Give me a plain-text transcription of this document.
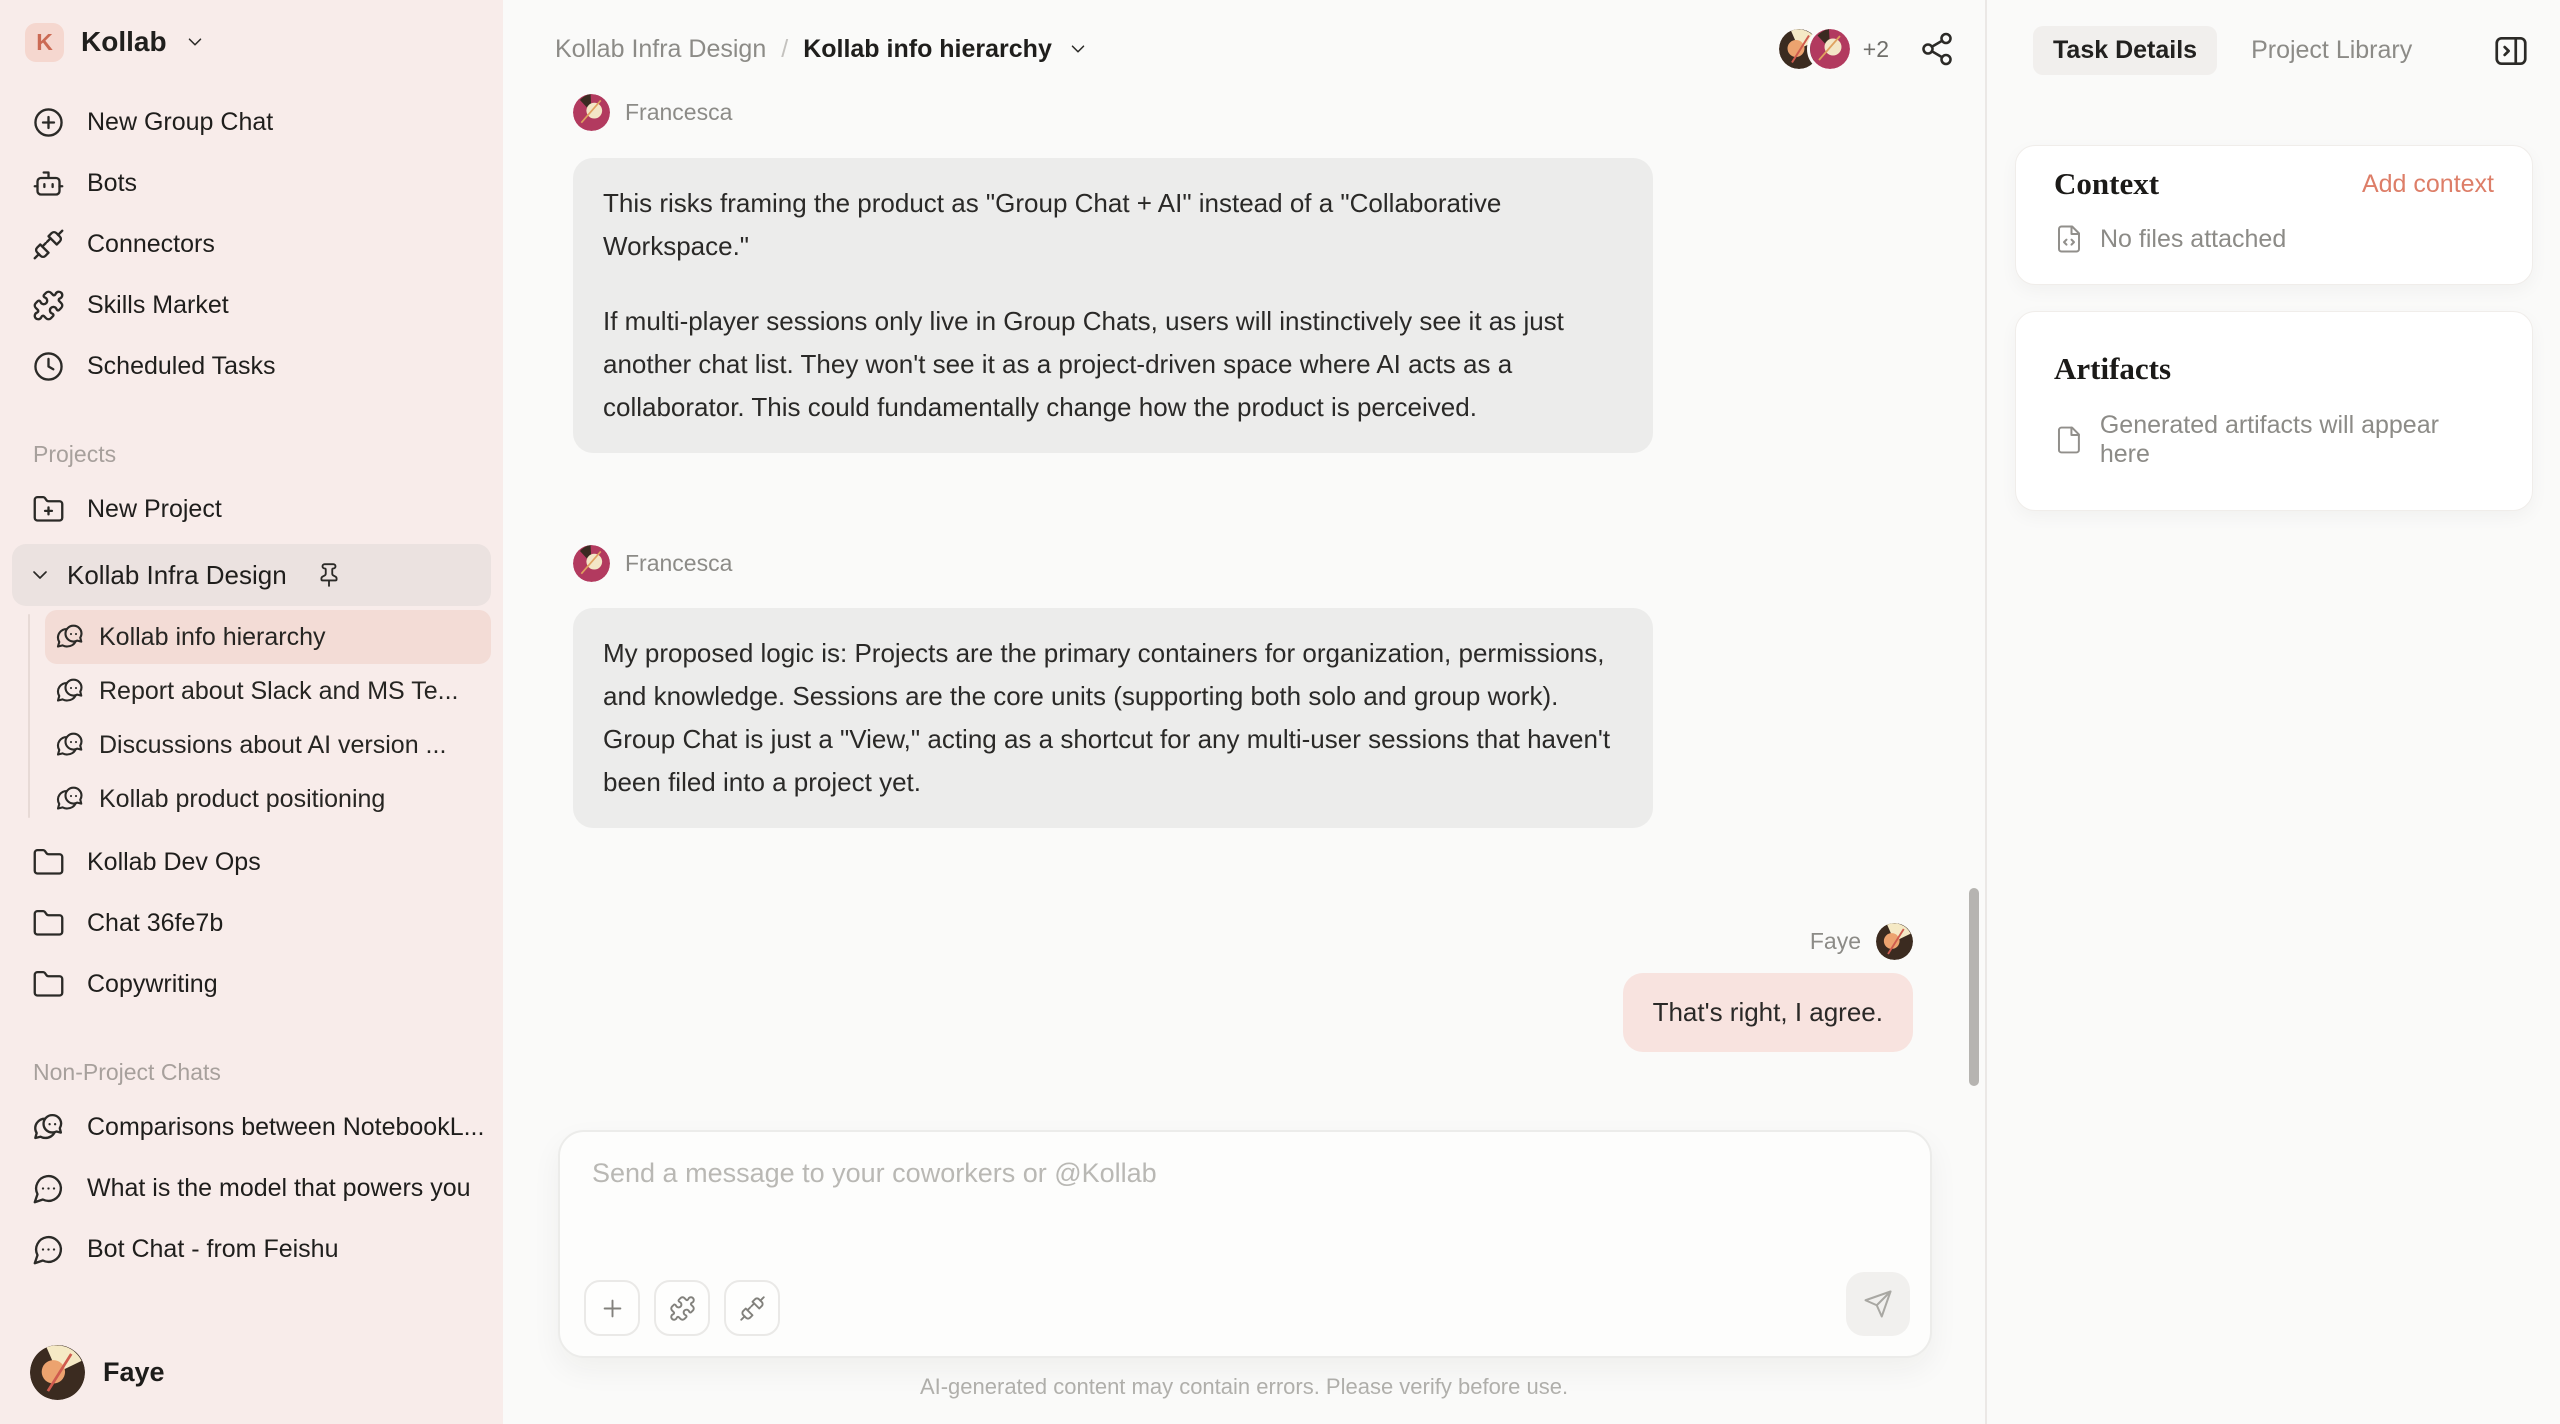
K	Kollab
New Group Chat
Bots
Connectors
Skills Market
Scheduled Tasks
Projects
New Project
Kollab Infra Design
Kollab info hierarchy
Report about Slack and MS Te...
Discussions about AI version ...
Kollab product positioning
Kollab Dev Ops
Chat 36fe7b
Copywriting
Non-Project Chats
Comparisons between NotebookL...
What is the model that powers you
Bot Chat - from Feishu
Faye
Kollab Infra Design / Kollab info hierarchy	+2
Francesca

This risks framing the product as "Group Chat + AI" instead of a "Collaborative Workspace."

If multi-player sessions only live in Group Chats, users will instinctively see it as just another chat list. They won't see it as a project-driven space where AI acts as a collaborator. This could fundamentally change how the product is perceived.

Francesca

My proposed logic is: Projects are the primary containers for organization, permissions, and knowledge. Sessions are the core units (supporting both solo and group work). Group Chat is just a "View," acting as a shortcut for any multi-user sessions that haven't been filed into a project yet.

Faye

That's right, I agree.

Send a message to your coworkers or @Kollab
AI-generated content may contain errors. Please verify before use.
Task Details	Project Library
Context	Add context
No files attached
Artifacts
Generated artifacts will appear here
